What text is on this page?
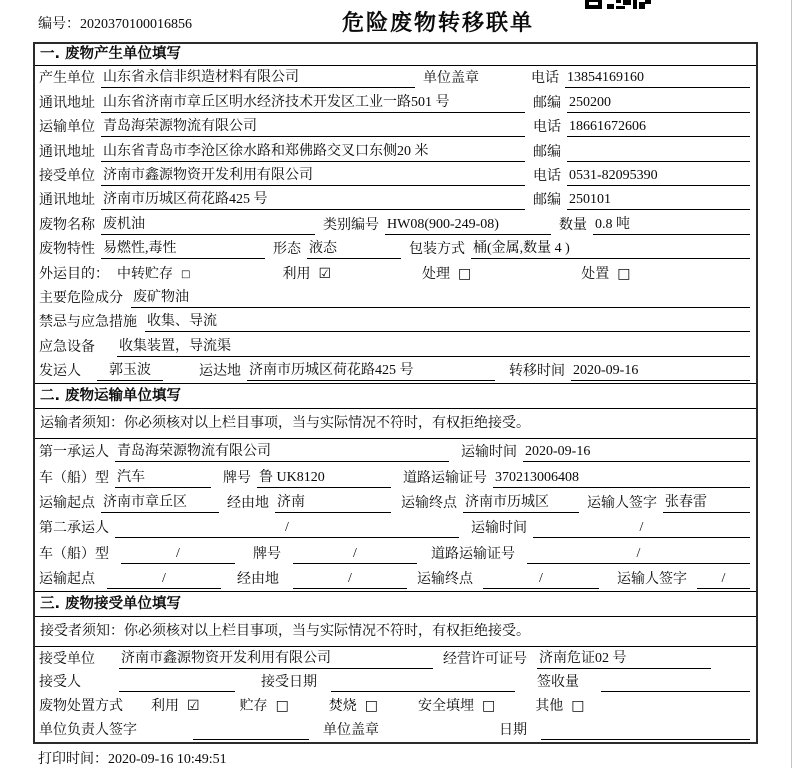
编号：2020370100016856	危险废物转移联单
一. 废物产生单位填写
产生单位 山东省永信非织造材料有限公司	单位盖章	电话 13854169160
通讯地址 山东省济南市章丘区明水经济技术开发区工业一路501 号	邮编 250200
运输单位 青岛海荣源物流有限公司	电话 18661672606
通讯地址 山东省青岛市李沧区徐水路和郑佛路交叉口东侧20 米	邮编
接受单位 济南市鑫源物资开发利用有限公司	电话 0531-82095390
通讯地址 济南市历城区荷花路425 号	邮编 250101
废物名称 废机油	类别编号 HW08(900-249-08)	数量 0.8 吨
废物特性 易燃性,毒性	形态 液态	包装方式 桶(金属,数量 4 )
外运目的： 中转贮存 □	利用 ☑	处理 □	处置 □
主要危险成分 废矿物油
禁忌与应急措施 收集、导流
应急设备 收集装置，导流渠
发运人	郭玉波	运达地 济南市历城区荷花路425 号	转移时间 2020-09-16
二. 废物运输单位填写
运输者须知：你必须核对以上栏目事项，当与实际情况不符时，有权拒绝接受。
第一承运人 青岛海荣源物流有限公司	运输时间 2020-09-16
车（船）型 汽车	牌号 鲁 UK8120	道路运输证号 370213006408
运输起点 济南市章丘区	经由地 济南	运输终点 济南市历城区	运输人签字 张春雷
第二承运人	/	运输时间	/
车（船）型	/	牌号	/	道路运输证号	/
运输起点	/	经由地	/	运输终点	/	运输人签字	/
三. 废物接受单位填写
接受者须知：你必须核对以上栏目事项，当与实际情况不符时，有权拒绝接受。
接受单位 济南市鑫源物资开发利用有限公司	经营许可证号 济南危证02 号
接受人	接受日期	签收量
废物处置方式 利用 ☑	贮存 □	焚烧 □	安全填埋 □	其他 □
单位负责人签字	单位盖章	日期
打印时间：2020-09-16 10:49:51
